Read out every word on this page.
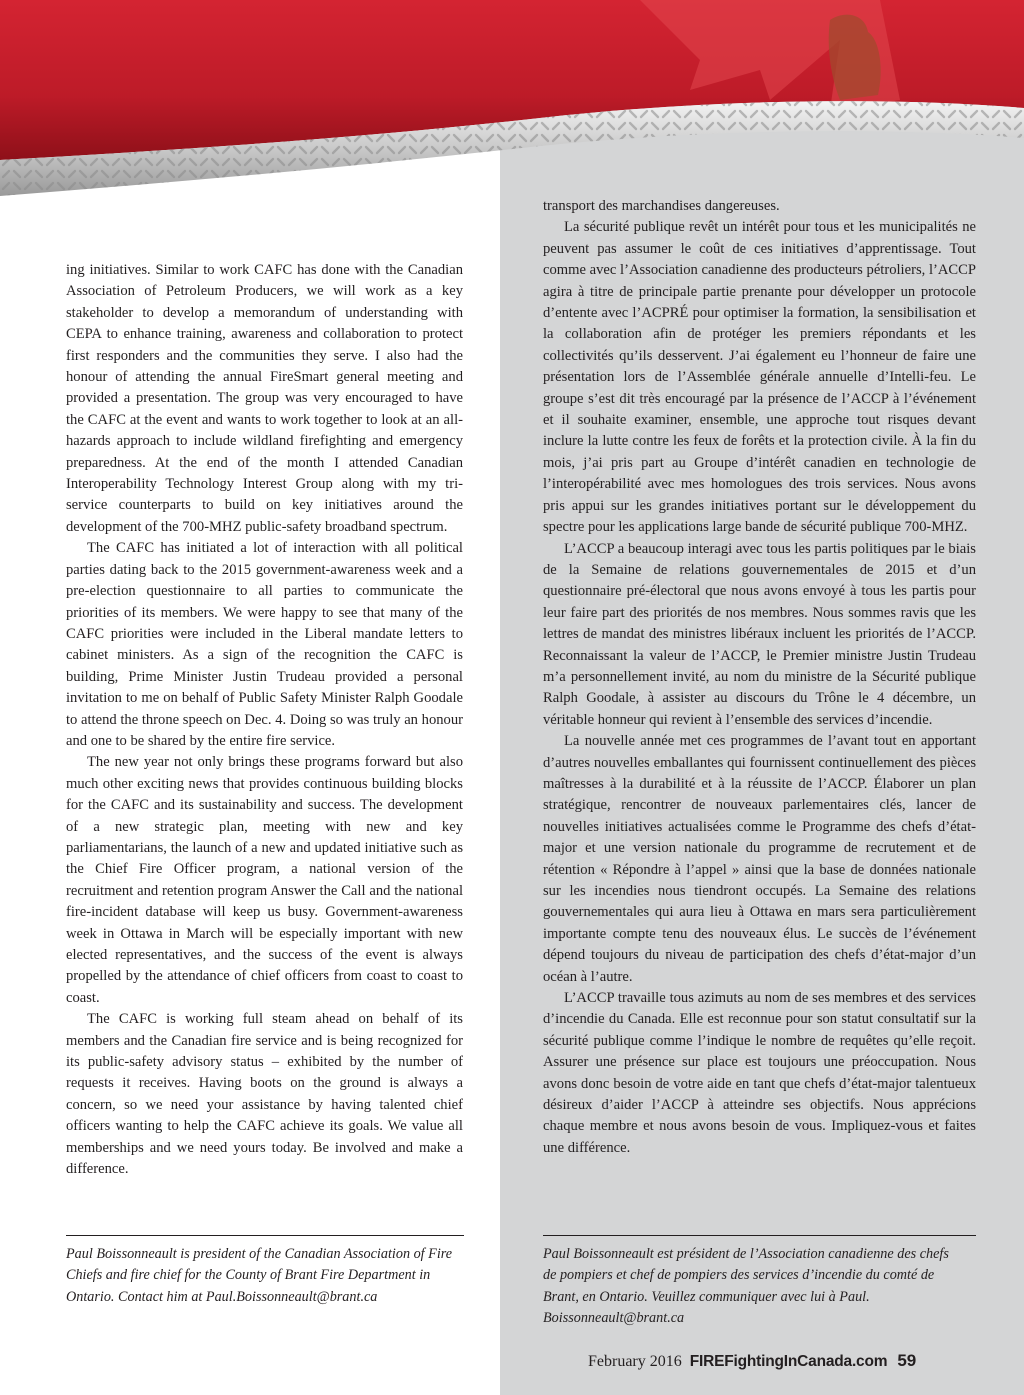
ing initiatives. Similar to work CAFC has done with the Canadian Association of Petroleum Producers, we will work as a key stakeholder to develop a memorandum of understanding with CEPA to enhance training, awareness and collaboration to protect first responders and the communities they serve. I also had the honour of attending the annual FireSmart general meeting and provided a presentation. The group was very encouraged to have the CAFC at the event and wants to work together to look at an all-hazards approach to include wildland firefighting and emergency preparedness. At the end of the month I attended Canadian Interoperability Technology Interest Group along with my tri-service counterparts to build on key initiatives around the development of the 700-MHZ public-safety broadband spectrum.

The CAFC has initiated a lot of interaction with all political parties dating back to the 2015 government-awareness week and a pre-election questionnaire to all parties to communicate the priorities of its members. We were happy to see that many of the CAFC priorities were included in the Liberal mandate letters to cabinet ministers. As a sign of the recognition the CAFC is building, Prime Minister Justin Trudeau provided a personal invitation to me on behalf of Public Safety Minister Ralph Goodale to attend the throne speech on Dec. 4. Doing so was truly an honour and one to be shared by the entire fire service.

The new year not only brings these programs forward but also much other exciting news that provides continuous building blocks for the CAFC and its sustainability and success. The development of a new strategic plan, meeting with new and key parliamentarians, the launch of a new and updated initiative such as the Chief Fire Officer program, a national version of the recruitment and retention program Answer the Call and the national fire-incident database will keep us busy. Government-awareness week in Ottawa in March will be especially important with new elected representatives, and the success of the event is always propelled by the attendance of chief officers from coast to coast to coast.

The CAFC is working full steam ahead on behalf of its members and the Canadian fire service and is being recognized for its public-safety advisory status – exhibited by the number of requests it receives. Having boots on the ground is always a concern, so we need your assistance by having talented chief officers wanting to help the CAFC achieve its goals. We value all memberships and we need yours today. Be involved and make a difference.

transport des marchandises dangereuses.

La sécurité publique revêt un intérêt pour tous et les municipalités ne peuvent pas assumer le coût de ces initiatives d’apprentissage. Tout comme avec l’Association canadienne des producteurs pétroliers, l’ACCP agira à titre de principale partie prenante pour développer un protocole d’entente avec l’ACPRÉ pour optimiser la formation, la sensibilisation et la collaboration afin de protéger les premiers répondants et les collectivités qu’ils desservent. J’ai également eu l’honneur de faire une présentation lors de l’Assemblée générale annuelle d’Intelli-feu. Le groupe s’est dit très encouragé par la présence de l’ACCP à l’événement et il souhaite examiner, ensemble, une approche tout risques devant inclure la lutte contre les feux de forêts et la protection civile. À la fin du mois, j’ai pris part au Groupe d’intérêt canadien en technologie de l’interopérabilité avec mes homologues des trois services. Nous avons pris appui sur les grandes initiatives portant sur le développement du spectre pour les applications large bande de sécurité publique 700-MHZ.

L’ACCP a beaucoup interagi avec tous les partis politiques par le biais de la Semaine de relations gouvernementales de 2015 et d’un questionnaire pré-électoral que nous avons envoyé à tous les partis pour leur faire part des priorités de nos membres. Nous sommes ravis que les lettres de mandat des ministres libéraux incluent les priorités de l’ACCP. Reconnaissant la valeur de l’ACCP, le Premier ministre Justin Trudeau m’a personnellement invité, au nom du ministre de la Sécurité publique Ralph Goodale, à assister au discours du Trône le 4 décembre, un véritable honneur qui revient à l’ensemble des services d’incendie.

La nouvelle année met ces programmes de l’avant tout en apportant d’autres nouvelles emballantes qui fournissent continuellement des pièces maîtresses à la durabilité et à la réussite de l’ACCP. Élaborer un plan stratégique, rencontrer de nouveaux parlementaires clés, lancer de nouvelles initiatives actualisées comme le Programme des chefs d’état-major et une version nationale du programme de recrutement et de rétention « Répondre à l’appel » ainsi que la base de données nationale sur les incendies nous tiendront occupés. La Semaine des relations gouvernementales qui aura lieu à Ottawa en mars sera particulièrement importante compte tenu des nouveaux élus. Le succès de l’événement dépend toujours du niveau de participation des chefs d’état-major d’un océan à l’autre.

L’ACCP travaille tous azimuts au nom de ses membres et des services d’incendie du Canada. Elle est reconnue pour son statut consultatif sur la sécurité publique comme l’indique le nombre de requêtes qu’elle reçoit. Assurer une présence sur place est toujours une préoccupation. Nous avons donc besoin de votre aide en tant que chefs d’état-major talentueux désireux d’aider l’ACCP à atteindre ses objectifs. Nous apprécions chaque membre et nous avons besoin de vous. Impliquez-vous et faites une différence.

Paul Boissonneault is president of the Canadian Association of Fire Chiefs and fire chief for the County of Brant Fire Department in Ontario. Contact him at Paul.Boissonneault@brant.ca
Paul Boissonneault est président de l’Association canadienne des chefs de pompiers et chef de pompiers des services d’incendie du comté de Brant, en Ontario. Veuillez communiquer avec lui à Paul. Boissonneault@brant.ca
February 2016 FIREFightingInCanada.com 59
